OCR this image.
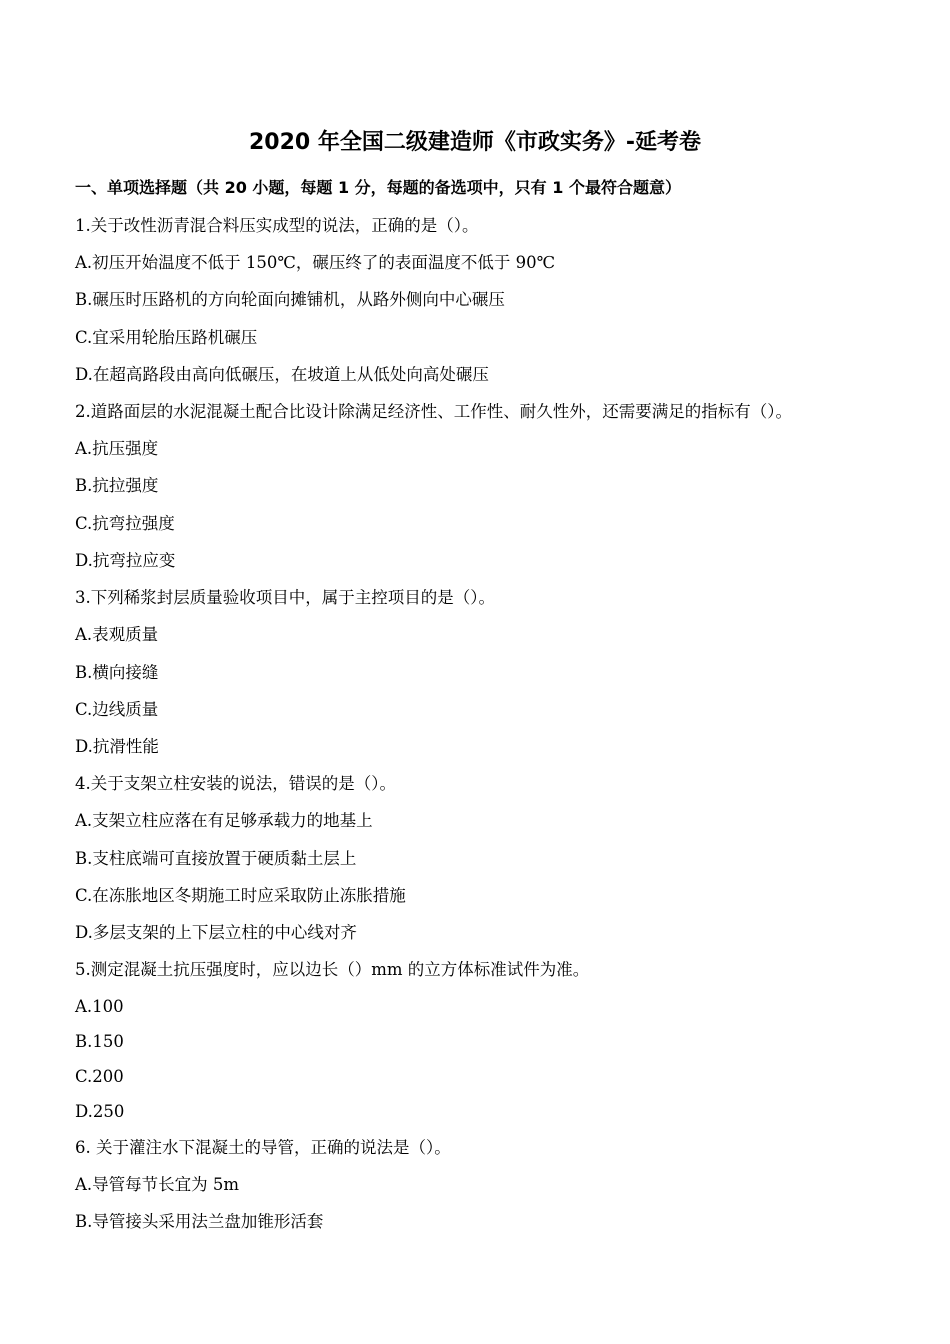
2020 年全国二级建造师《市政实务》-延考卷
一、单项选择题（共 20 小题，每题 1 分，每题的备选项中，只有 1 个最符合题意）
1.关于改性沥青混合料压实成型的说法，正确的是（）。
A.初压开始温度不低于 150℃，碾压终了的表面温度不低于 90℃
B.碾压时压路机的方向轮面向摊铺机，从路外侧向中心碾压
C.宜采用轮胎压路机碾压
D.在超高路段由高向低碾压，在坡道上从低处向高处碾压
2.道路面层的水泥混凝土配合比设计除满足经济性、工作性、耐久性外，还需要满足的指标有（）。
A.抗压强度
B.抗拉强度
C.抗弯拉强度
D.抗弯拉应变
3.下列稀浆封层质量验收项目中，属于主控项目的是（）。
A.表观质量
B.横向接缝
C.边线质量
D.抗滑性能
4.关于支架立柱安装的说法，错误的是（）。
A.支架立柱应落在有足够承载力的地基上
B.支柱底端可直接放置于硬质黏土层上
C.在冻胀地区冬期施工时应采取防止冻胀措施
D.多层支架的上下层立柱的中心线对齐
5.测定混凝土抗压强度时，应以边长（）mm 的立方体标准试件为准。
A.100
B.150
C.200
D.250
6. 关于灌注水下混凝土的导管，正确的说法是（）。
A.导管每节长宜为 5m
B.导管接头采用法兰盘加锥形活套
